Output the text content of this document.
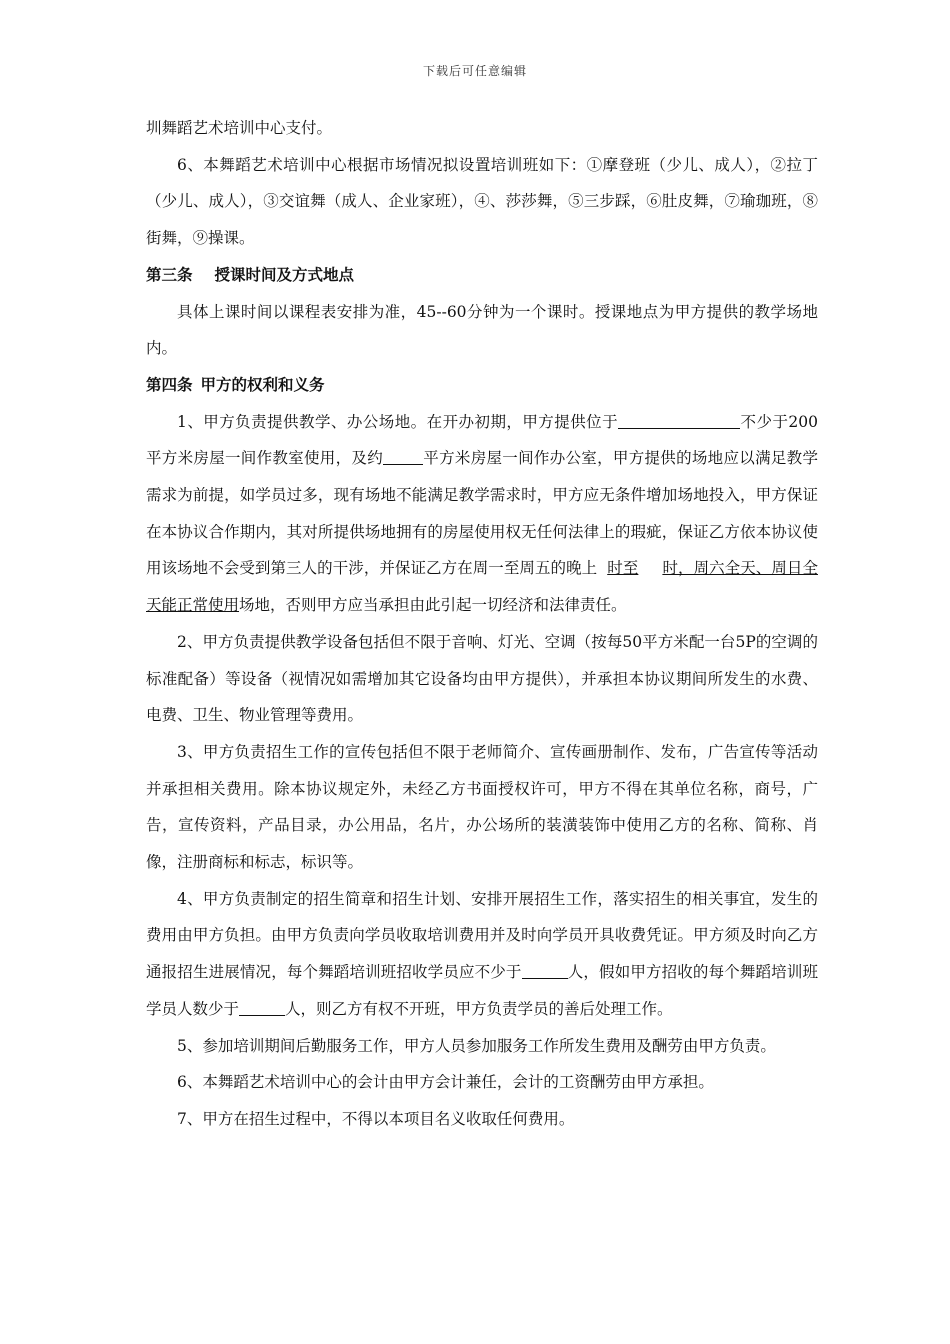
下载后可任意编辑

圳舞蹈艺术培训中心支付。

6、本舞蹈艺术培训中心根据市场情况拟设置培训班如下：①摩登班（少儿、成人），②拉丁（少儿、成人），③交谊舞（成人、企业家班），④、莎莎舞，⑤三步踩，⑥肚皮舞，⑦瑜珈班，⑧街舞，⑨操课。

第三条 授课时间及方式地点

具体上课时间以课程表安排为准，45--60分钟为一个课时。授课地点为甲方提供的教学场地内。

第四条 甲方的权利和义务

1、甲方负责提供教学、办公场地。在开办初期，甲方提供位于	不少于200平方米房屋一间作教室使用，及约	平方米房屋一间作办公室，甲方提供的场地应以满足教学需求为前提，如学员过多，现有场地不能满足教学需求时，甲方应无条件增加场地投入，甲方保证在本协议合作期内，其对所提供场地拥有的房屋使用权无任何法律上的瑕疵，保证乙方依本协议使用该场地不会受到第三人的干涉，并保证乙方在周一至周五的晚上 时至 时，周六全天、周日全天能正常使用场地，否则甲方应当承担由此引起一切经济和法律责任。

2、甲方负责提供教学设备包括但不限于音响、灯光、空调（按每50平方米配一台5P的空调的标准配备）等设备（视情况如需增加其它设备均由甲方提供），并承担本协议期间所发生的水费、电费、卫生、物业管理等费用。

3、甲方负责招生工作的宣传包括但不限于老师简介、宣传画册制作、发布，广告宣传等活动并承担相关费用。除本协议规定外，未经乙方书面授权许可，甲方不得在其单位名称，商号，广告，宣传资料，产品目录，办公用品，名片，办公场所的装潢装饰中使用乙方的名称、简称、肖像，注册商标和标志，标识等。

4、甲方负责制定的招生简章和招生计划、安排开展招生工作，落实招生的相关事宜，发生的费用由甲方负担。由甲方负责向学员收取培训费用并及时向学员开具收费凭证。甲方须及时向乙方通报招生进展情况，每个舞蹈培训班招收学员应不少于	人，假如甲方招收的每个舞蹈培训班学员人数少于	人，则乙方有权不开班，甲方负责学员的善后处理工作。

5、参加培训期间后勤服务工作，甲方人员参加服务工作所发生费用及酬劳由甲方负责。

6、本舞蹈艺术培训中心的会计由甲方会计兼任，会计的工资酬劳由甲方承担。

7、甲方在招生过程中，不得以本项目名义收取任何费用。
